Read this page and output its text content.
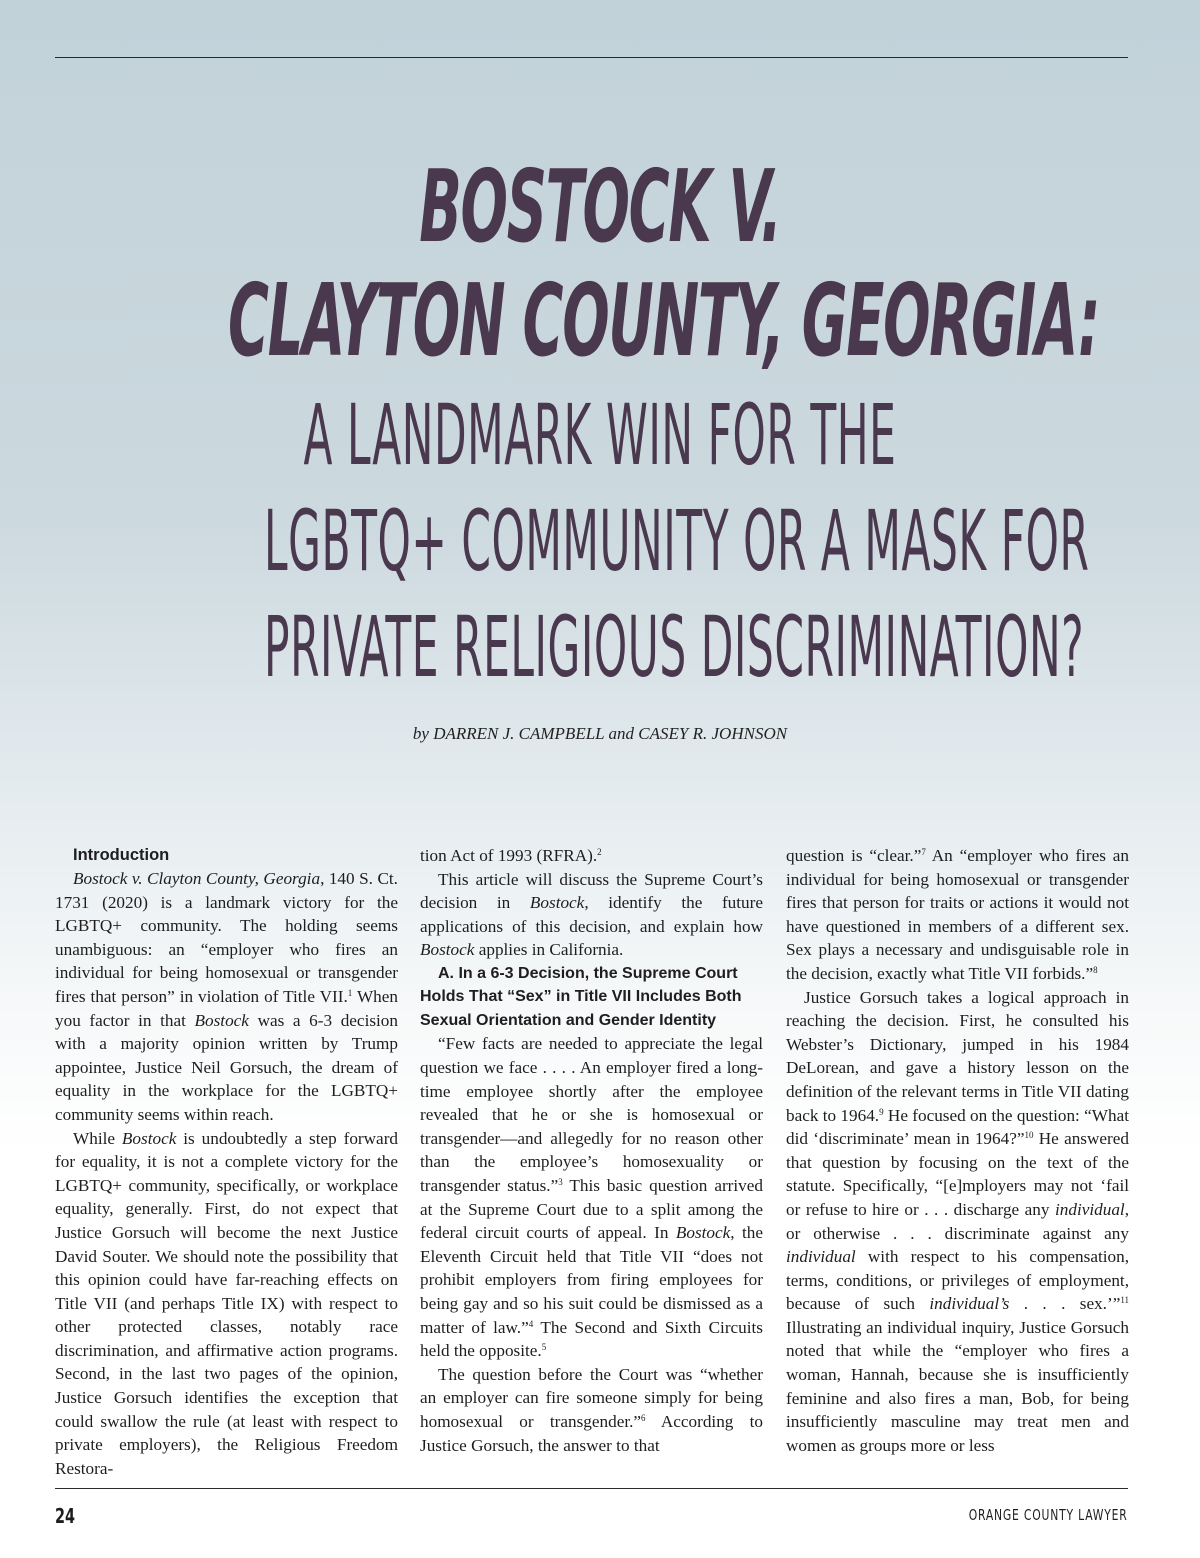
BOSTOCK V.
CLAYTON COUNTY, GEORGIA:
A LANDMARK WIN FOR THE
LGBTQ+ COMMUNITY OR A MASK FOR
PRIVATE RELIGIOUS DISCRIMINATION?
by DARREN J. CAMPBELL and CASEY R. JOHNSON

Introduction

Bostock v. Clayton County, Georgia, 140 S. Ct. 1731 (2020) is a landmark victory for the LGBTQ+ community. The holding seems unambiguous: an “employer who fires an individual for being homosexual or transgender fires that person” in violation of Title VII.$^1$ When you factor in that Bostock was a 6-3 decision with a majority opinion written by Trump appointee, Justice Neil Gorsuch, the dream of equality in the workplace for the LGBTQ+ community seems within reach.

While Bostock is undoubtedly a step forward for equality, it is not a complete victory for the LGBTQ+ community, specifically, or workplace equality, generally. First, do not expect that Justice Gorsuch will become the next Justice David Souter. We should note the possibility that this opinion could have far-reaching effects on Title VII (and perhaps Title IX) with respect to other protected classes, notably race discrimination, and affirmative action programs. Second, in the last two pages of the opinion, Justice Gorsuch identifies the exception that could swallow the rule (at least with respect to private employers), the Religious Freedom Restora-

tion Act of 1993 (RFRA).$^2$

This article will discuss the Supreme Court’s decision in Bostock, identify the future applications of this decision, and explain how Bostock applies in California.

A. In a 6-3 Decision, the Supreme Court Holds That “Sex” in Title VII Includes Both Sexual Orientation and Gender Identity

“Few facts are needed to appreciate the legal question we face . . . . An employer fired a long-time employee shortly after the employee revealed that he or she is homosexual or transgender—and allegedly for no reason other than the employee’s homosexuality or transgender status.”$^3$ This basic question arrived at the Supreme Court due to a split among the federal circuit courts of appeal. In Bostock, the Eleventh Circuit held that Title VII “does not prohibit employers from firing employees for being gay and so his suit could be dismissed as a matter of law.”$^4$ The Second and Sixth Circuits held the opposite.$^5$

The question before the Court was “whether an employer can fire someone simply for being homosexual or transgender.”$^6$ According to Justice Gorsuch, the answer to that

question is “clear.”$^7$ An “employer who fires an individual for being homosexual or transgender fires that person for traits or actions it would not have questioned in members of a different sex. Sex plays a necessary and undisguisable role in the decision, exactly what Title VII forbids.”$^8$

Justice Gorsuch takes a logical approach in reaching the decision. First, he consulted his Webster’s Dictionary, jumped in his 1984 DeLorean, and gave a history lesson on the definition of the relevant terms in Title VII dating back to 1964.$^9$ He focused on the question: “What did ‘discriminate’ mean in 1964?”$^{10}$ He answered that question by focusing on the text of the statute. Specifically, “[e]mployers may not ‘fail or refuse to hire or . . . discharge any individual, or otherwise . . . discriminate against any individual with respect to his compensation, terms, conditions, or privileges of employment, because of such individual’s . . . sex.’”$^{11}$ Illustrating an individual inquiry, Justice Gorsuch noted that while the “employer who fires a woman, Hannah, because she is insufficiently feminine and also fires a man, Bob, for being insufficiently masculine may treat men and women as groups more or less

24	ORANGE COUNTY LAWYER
